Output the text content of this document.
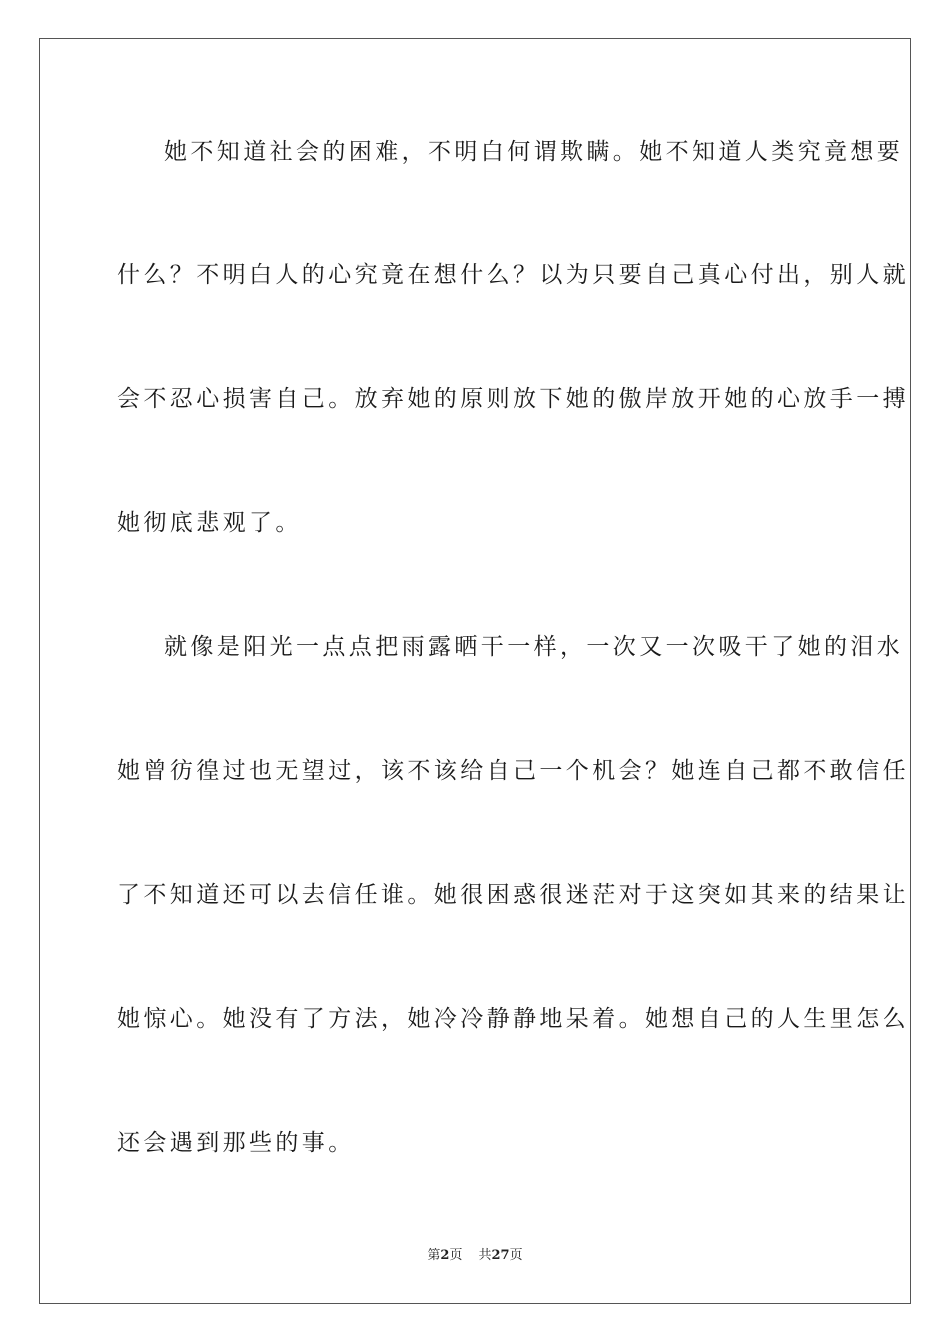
她不知道社会的困难，不明白何谓欺瞒。她不知道人类究竟想要
什么？不明白人的心究竟在想什么？以为只要自己真心付出，别人就
会不忍心损害自己。放弃她的原则放下她的傲岸放开她的心放手一搏
她彻底悲观了。
就像是阳光一点点把雨露晒干一样，一次又一次吸干了她的泪水
她曾彷徨过也无望过，该不该给自己一个机会？她连自己都不敢信任
了不知道还可以去信任谁。她很困惑很迷茫对于这突如其来的结果让
她惊心。她没有了方法，她冷冷静静地呆着。她想自己的人生里怎么
还会遇到那些的事。
第2页 共27页
